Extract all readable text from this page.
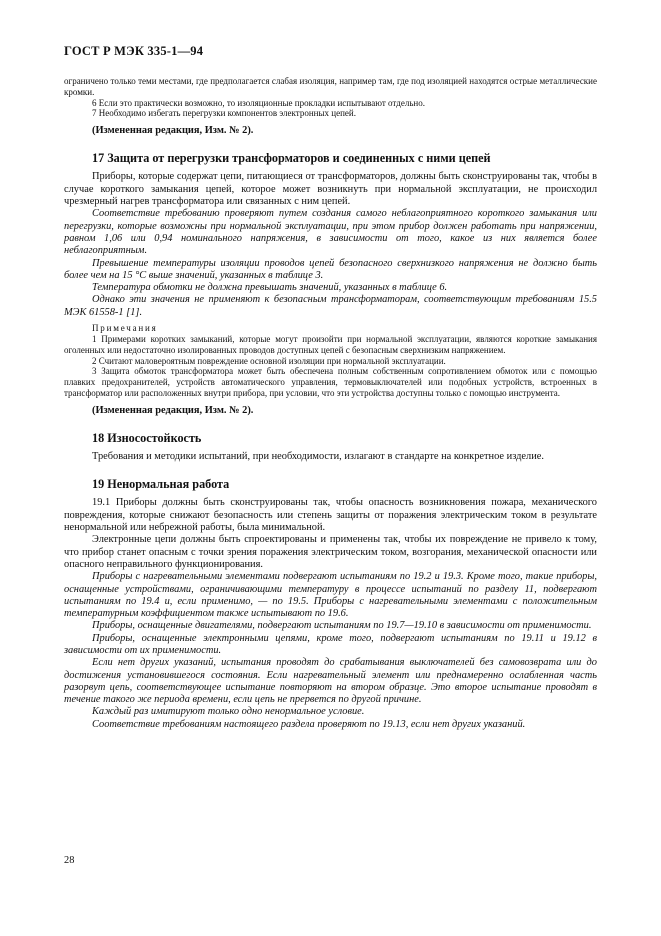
ГОСТ Р МЭК 335-1—94

ограничено только теми местами, где предполагается слабая изоляция, например там, где под изоляцией находятся острые металлические кромки.

6 Если это практически возможно, то изоляционные прокладки испытывают отдельно.

7 Необходимо избегать перегрузки компонентов электронных цепей.

(Измененная редакция, Изм. № 2).

17 Защита от перегрузки трансформаторов и соединенных с ними цепей

Приборы, которые содержат цепи, питающиеся от трансформаторов, должны быть сконструированы так, чтобы в случае короткого замыкания цепей, которое может возникнуть при нормальной эксплуатации, не происходил чрезмерный нагрев трансформатора или связанных с ним цепей.

Соответствие требованию проверяют путем создания самого неблагоприятного короткого замыкания или перегрузки, которые возможны при нормальной эксплуатации, при этом прибор должен работать при напряжении, равном 1,06 или 0,94 номинального напряжения, в зависимости от того, какое из них является более неблагоприятным.

Превышение температуры изоляции проводов цепей безопасного сверхнизкого напряжения не должно быть более чем на 15 °С выше значений, указанных в таблице 3.

Температура обмотки не должна превышать значений, указанных в таблице 6.

Однако эти значения не применяют к безопасным трансформаторам, соответствующим требованиям 15.5 МЭК 61558-1 [1].

Примечания

1 Примерами коротких замыканий, которые могут произойти при нормальной эксплуатации, являются короткие замыкания оголенных или недостаточно изолированных проводов доступных цепей с безопасным сверхнизким напряжением.

2 Считают маловероятным повреждение основной изоляции при нормальной эксплуатации.

3 Защита обмоток трансформатора может быть обеспечена полным собственным сопротивлением обмоток или с помощью плавких предохранителей, устройств автоматического управления, термовыключателей или подобных устройств, встроенных в трансформатор или расположенных внутри прибора, при условии, что эти устройства доступны только с помощью инструмента.

(Измененная редакция, Изм. № 2).

18 Износостойкость

Требования и методики испытаний, при необходимости, излагают в стандарте на конкретное изделие.

19 Ненормальная работа

19.1 Приборы должны быть сконструированы так, чтобы опасность возникновения пожара, механического повреждения, которые снижают безопасность или степень защиты от поражения электрическим током в результате ненормальной или небрежной работы, была минимальной.

Электронные цепи должны быть спроектированы и применены так, чтобы их повреждение не привело к тому, что прибор станет опасным с точки зрения поражения электрическим током, возгорания, механической опасности или опасного неправильного функционирования.

Приборы с нагревательными элементами подвергают испытаниям по 19.2 и 19.3. Кроме того, такие приборы, оснащенные устройствами, ограничивающими температуру в процессе испытаний по разделу 11, подвергают испытаниям по 19.4 и, если применимо, — по 19.5. Приборы с нагревательными элементами с положительным температурным коэффициентом также испытывают по 19.6.

Приборы, оснащенные двигателями, подвергают испытаниям по 19.7—19.10 в зависимости от применимости.

Приборы, оснащенные электронными цепями, кроме того, подвергают испытаниям по 19.11 и 19.12 в зависимости от их применимости.

Если нет других указаний, испытания проводят до срабатывания выключателей без самовозврата или до достижения установившегося состояния. Если нагревательный элемент или преднамеренно ослабленная часть разорвут цепь, соответствующее испытание повторяют на втором образце. Это второе испытание проводят в течение такого же периода времени, если цепь не прервется по другой причине.

Каждый раз имитируют только одно ненормальное условие.

Соответствие требованиям настоящего раздела проверяют по 19.13, если нет других указаний.

28
